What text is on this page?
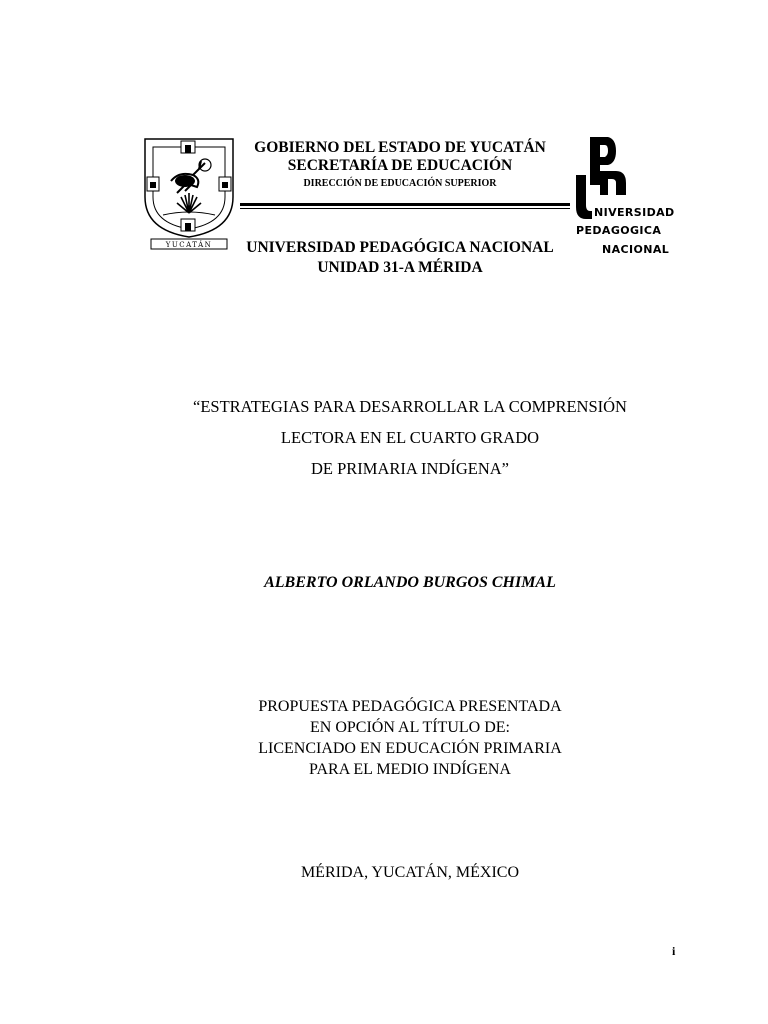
YUCATÁN
GOBIERNO DEL ESTADO DE YUCATÁN
SECRETARÍA DE EDUCACIÓN
DIRECCIÓN DE EDUCACIÓN SUPERIOR
UNIVERSIDAD PEDAGÓGICA NACIONAL
UNIDAD 31-A MÉRIDA
NIVERSIDAD
PEDAGOGICA
NACIONAL
“ESTRATEGIAS PARA DESARROLLAR LA COMPRENSIÓN
LECTORA EN EL CUARTO GRADO
DE PRIMARIA INDÍGENA”
ALBERTO ORLANDO BURGOS CHIMAL
PROPUESTA PEDAGÓGICA PRESENTADA
EN OPCIÓN AL TÍTULO DE:
LICENCIADO EN EDUCACIÓN PRIMARIA
PARA EL MEDIO INDÍGENA
MÉRIDA, YUCATÁN, MÉXICO
i
